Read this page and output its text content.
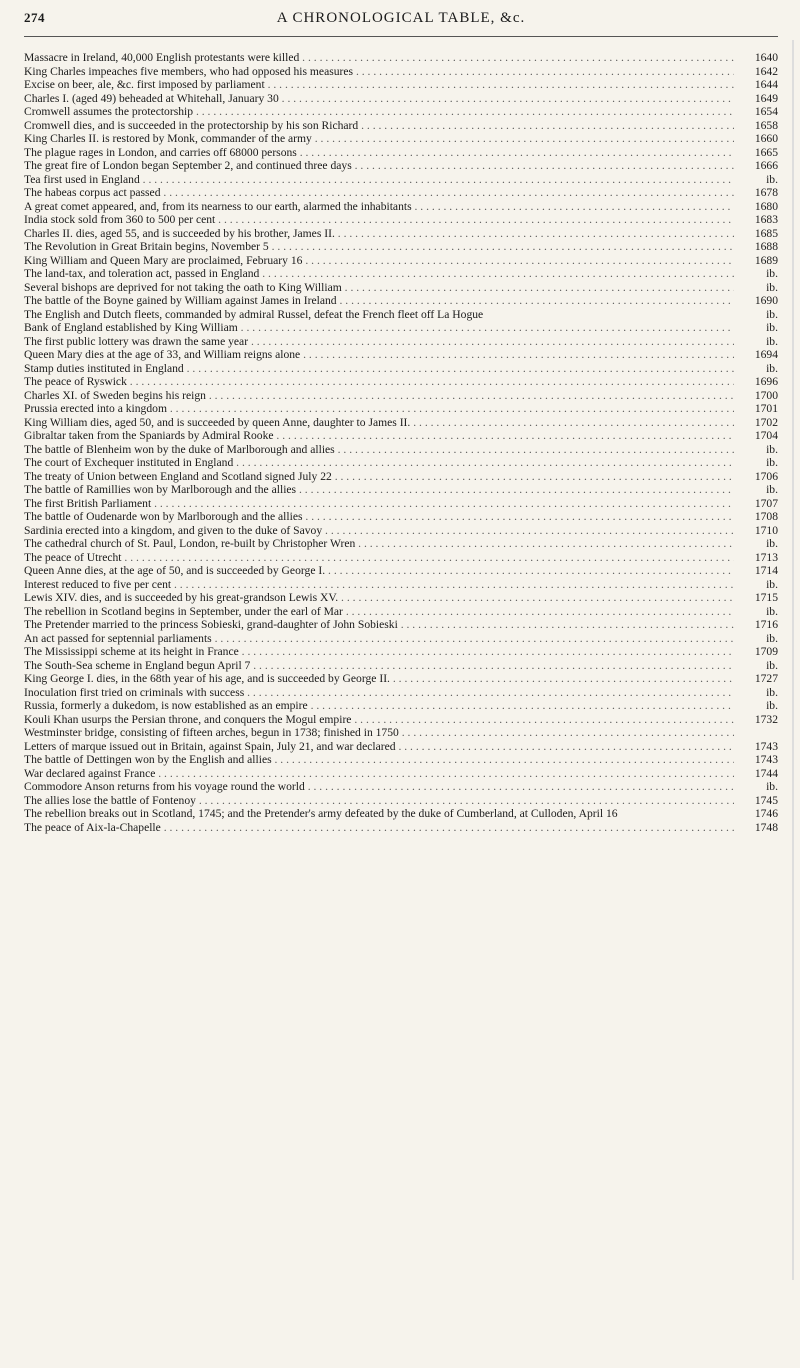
274	A CHRONOLOGICAL TABLE, &c.
Massacre in Ireland, 40,000 English protestants were killed . . .	1640
King Charles impeaches five members, who had opposed his measures . . .	1642
Excise on beer, ale, &c. first imposed by parliament . . .	1644
Charles I. (aged 49) beheaded at Whitehall, January 30 . . .	1649
Cromwell assumes the protectorship . . .	1654
Cromwell dies, and is succeeded in the protectorship by his son Richard . . .	1658
King Charles II. is restored by Monk, commander of the army . . .	1660
The plague rages in London, and carries off 68000 persons . . .	1665
The great fire of London began September 2, and continued three days . . .	1666
Tea first used in England . . .	ib.
The habeas corpus act passed . . .	1678
A great comet appeared, and, from its nearness to our earth, alarmed the inhabitants . . .	1680
India stock sold from 360 to 500 per cent . . .	1683
Charles II. dies, aged 55, and is succeeded by his brother, James II. . . .	1685
The Revolution in Great Britain begins, November 5 . . .	1688
King William and Queen Mary are proclaimed, February 16 . . .	1689
The land-tax, and toleration act, passed in England . . .	ib.
Several bishops are deprived for not taking the oath to King William . . .	ib.
The battle of the Boyne gained by William against James in Ireland . . .	1690
The English and Dutch fleets, commanded by admiral Russel, defeat the French fleet off La Hogue	ib.
Bank of England established by King William . . .	ib.
The first public lottery was drawn the same year . . .	ib.
Queen Mary dies at the age of 33, and William reigns alone . . .	1694
Stamp duties instituted in England . . .	ib.
The peace of Ryswick . . .	1696
Charles XI. of Sweden begins his reign . . .	1700
Prussia erected into a kingdom . . .	1701
King William dies, aged 50, and is succeeded by queen Anne, daughter to James II. . . .	1702
Gibraltar taken from the Spaniards by Admiral Rooke . . .	1704
The battle of Blenheim won by the duke of Marlborough and allies . . .	ib.
The court of Exchequer instituted in England . . .	ib.
The treaty of Union between England and Scotland signed July 22 . . .	1706
The battle of Ramillies won by Marlborough and the allies . . .	ib.
The first British Parliament . . .	1707
The battle of Oudenarde won by Marlborough and the allies . . .	1708
Sardinia erected into a kingdom, and given to the duke of Savoy . . .	1710
The cathedral church of St. Paul, London, re-built by Christopher Wren . . .	ib.
The peace of Utrecht . . .	1713
Queen Anne dies, at the age of 50, and is succeeded by George I. . . .	1714
Interest reduced to five per cent . . .	ib.
Lewis XIV. dies, and is succeeded by his great-grandson Lewis XV. . . .	1715
The rebellion in Scotland begins in September, under the earl of Mar . . .	ib.
The Pretender married to the princess Sobieski, grand-daughter of John Sobieski . . .	1716
An act passed for septennial parliaments . . .	ib.
The Mississippi scheme at its height in France . . .	1709
The South-Sea scheme in England begun April 7 . . .	ib.
King George I. dies, in the 68th year of his age, and is succeeded by George II. . . .	1727
Inoculation first tried on criminals with success . . .	ib.
Russia, formerly a dukedom, is now established as an empire . . .	ib.
Kouli Khan usurps the Persian throne, and conquers the Mogul empire . . .	1732
Westminster bridge, consisting of fifteen arches, begun in 1738; finished in 1750 . . .
Letters of marque issued out in Britain, against Spain, July 21, and war declared . . .	1743
The battle of Dettingen won by the English and allies . . .	1743
War declared against France . . .	1744
Commodore Anson returns from his voyage round the world . . .	ib.
The allies lose the battle of Fontenoy . . .	1745
The rebellion breaks out in Scotland, 1745; and the Pretender's army defeated by the duke of Cumberland, at Culloden, April 16	1746
The peace of Aix-la-Chapelle . . .	1748
